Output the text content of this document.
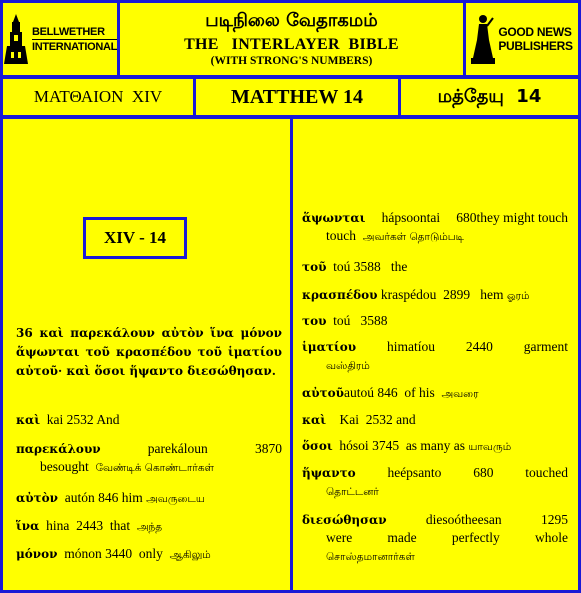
BELLWETHER
INTERNATIONAL
படிநிலை வேதாகமம்
THE   INTERLAYER  BIBLE
(WITH STRONG'S NUMBERS)
GOOD NEWS
PUBLISHERS
ΜΑΤΘΑΙΟΝ  XIV	MATTHEW 14	மத்தேயு  14
XIV - 14
36 καὶ παρεκάλουν αὐτὸν ἵνα μόνον ἅψωνται τοῦ κρασπέδου τοῦ ἱματίου αὐτοῦ· καὶ ὅσοι ἥψαντο διεσώθησαν.
καὶ kai 2532 And
παρεκάλουν	parekáloun	3870
besought வேண்டிக் கொண்டார்கள்
αὐτὸν autón 846 him அவருடைய
ἵνα hina 2443 that அந்த
μόνον mónon 3440 only ஆகிலும்
ἅψωνται hápsoontai 680they might touch
touch  அவர்கள் தொடும்படி
τοῦ toú 3588 the
κρασπέδου kraspédou 2899 hem ஓரம்
του toú 3588
ἱματίου himatíou 2440 garment
வஸ்திரம்
αὐτοῦautoú 846 of his அவரை
καὶ Kai 2532 and
ὅσοι hósoi 3745 as many as யாவரும்
ἥψαντο heépsanto 680 touched
தொட்டனர்
διεσώθησαν	diesoótheesan	1295
were made perfectly whole
சொஸ்தமானார்கள்
